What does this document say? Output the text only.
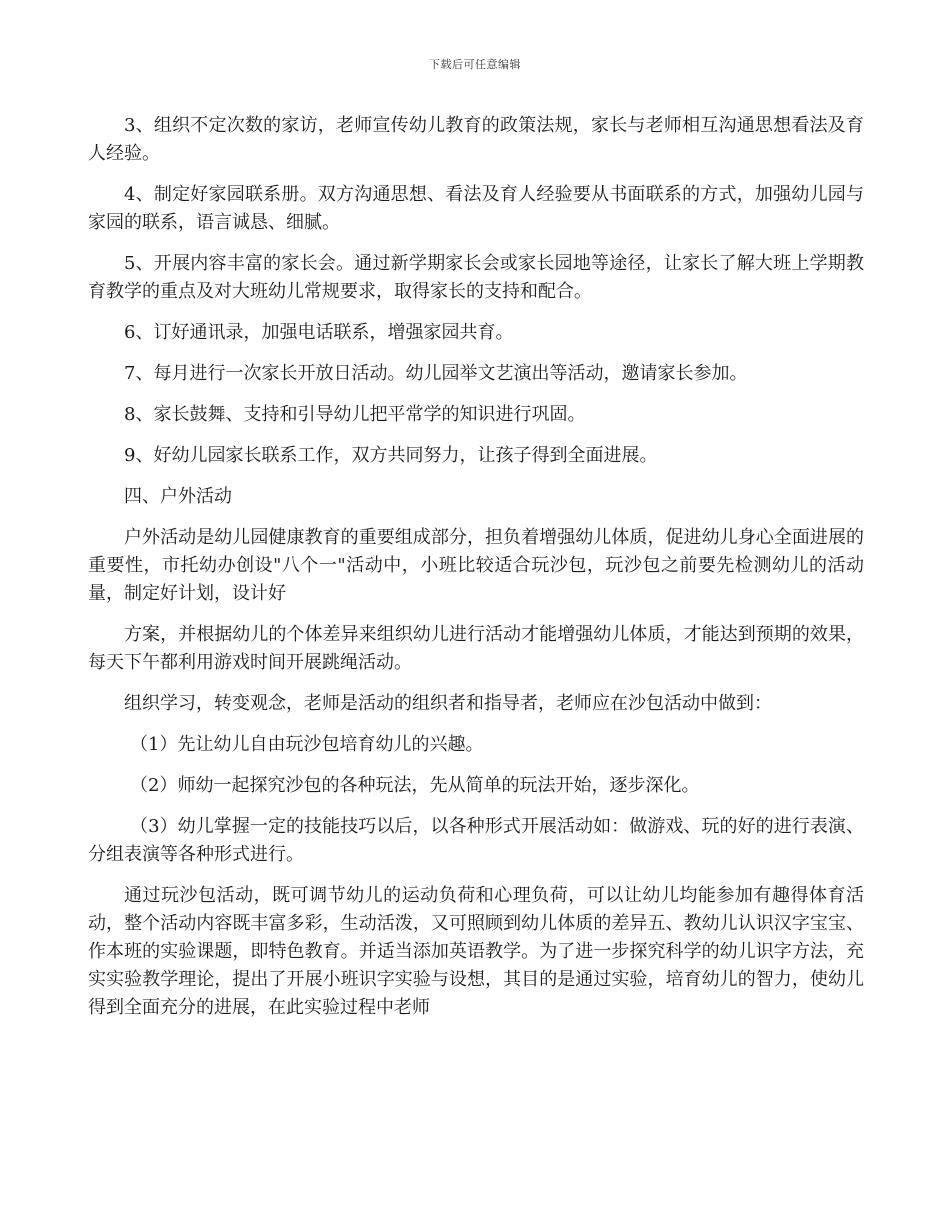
下载后可任意编辑

3、组织不定次数的家访，老师宣传幼儿教育的政策法规，家长与老师相互沟通思想看法及育人经验。

4、制定好家园联系册。双方沟通思想、看法及育人经验要从书面联系的方式，加强幼儿园与家园的联系，语言诚恳、细腻。

5、开展内容丰富的家长会。通过新学期家长会或家长园地等途径，让家长了解大班上学期教育教学的重点及对大班幼儿常规要求，取得家长的支持和配合。

6、订好通讯录，加强电话联系，增强家园共育。

7、每月进行一次家长开放日活动。幼儿园举文艺演出等活动，邀请家长参加。

8、家长鼓舞、支持和引导幼儿把平常学的知识进行巩固。

9、好幼儿园家长联系工作，双方共同努力，让孩子得到全面进展。

四、户外活动

户外活动是幼儿园健康教育的重要组成部分，担负着增强幼儿体质，促进幼儿身心全面进展的重要性，市托幼办创设"八个一"活动中，小班比较适合玩沙包，玩沙包之前要先检测幼儿的活动量，制定好计划，设计好

方案，并根据幼儿的个体差异来组织幼儿进行活动才能增强幼儿体质，才能达到预期的效果，每天下午都利用游戏时间开展跳绳活动。

组织学习，转变观念，老师是活动的组织者和指导者，老师应在沙包活动中做到：

（1）先让幼儿自由玩沙包培育幼儿的兴趣。

（2）师幼一起探究沙包的各种玩法，先从简单的玩法开始，逐步深化。

（3）幼儿掌握一定的技能技巧以后，以各种形式开展活动如：做游戏、玩的好的进行表演、分组表演等各种形式进行。

通过玩沙包活动，既可调节幼儿的运动负荷和心理负荷，可以让幼儿均能参加有趣得体育活动，整个活动内容既丰富多彩，生动活泼，又可照顾到幼儿体质的差异五、教幼儿认识汉字宝宝、作本班的实验课题，即特色教育。并适当添加英语教学。为了进一步探究科学的幼儿识字方法，充实实验教学理论，提出了开展小班识字实验与设想，其目的是通过实验，培育幼儿的智力，使幼儿得到全面充分的进展，在此实验过程中老师
